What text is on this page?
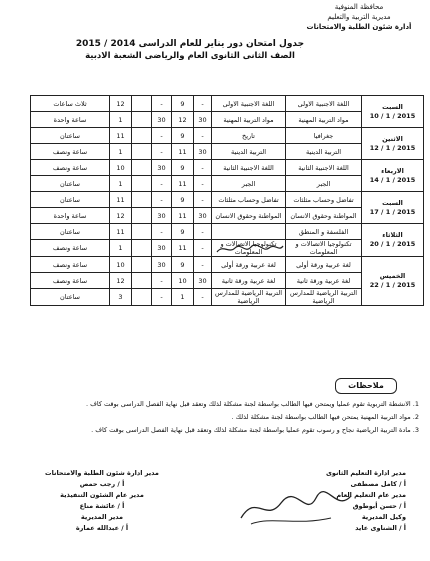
محافظة المنوفية
مديرية التربية والتعليم
أدارة شئون الطلبة والامتحانات
جدول امتحان دور يناير للعام الدراسى 2014 / 2015
الصف الثانى الثانوى العام والرياضى الشعبة الادبية
السبت
2015 / 1 / 10	اللغة الاجنبية الاولى	اللغة الاجنبية الاولى	-	9	-		12	ثلاث ساعات
	مواد التربية المهنية	مواد التربية المهنية	30	12	30		1	ساعة واحدة

الاثنين
2015 / 1 / 12	جغرافيا	تاريخ	-	9	-		11	ساعتان
	التربية الدينية	التربية الدينية	30	11	-		1	ساعة ونصف

الاربعاء
2015 / 1 / 14	اللغة الاجنبية الثانية	اللغة الاجنبية الثانية	-	9	30		10	ساعة ونصف
	الجبر	الجبر	-	11	-		1	ساعتان

السبت
2015 / 1 / 17	تفاضل وحساب مثلثات	تفاضل وحساب مثلثات	-	9	-		11	ساعتان
	المواطنة وحقوق الانسان	المواطنة وحقوق الانسان	30	11	30		12	ساعة واحدة

الثلاثاء
2015 / 1 / 20	الفلسفة و المنطق		-	9	-		11	ساعتان
	تكنولوجيا الاتصالات و المعلومات	تكنولوجيا الاتصالات و المعلومات	-	11	30		1	ساعة ونصف

الخميس
2015 / 1 / 22	لغة عربية ورقة أولى	لغة عربية ورقة أولى	-	9	30		10	ساعة ونصف
	لغة عربية ورقة ثانية	لغة عربية ورقة ثانية	30	10	-		12	ساعة ونصف
	التربية الرياضية للمدارس الرياضية	التربية الرياضية للمدارس الرياضية	-	1	-		3	ساعتان
ملاحظات
1. الانشطة التربوية تقوم عمليا ويمتحن فيها الطالب بواسطة لجنة مشكلة لذلك وتعقد قبل نهاية الفصل الدراسى بوقت كاف .
2. مواد التربية المهنية يمتحن فيها الطالب بواسطة لجنة مشكلة لذلك .
3. مادة التربية الرياضية نجاح و رسوب تقوم عمليا بواسطة لجنة مشكلة لذلك وتعقد قبل نهاية الفصل الدراسى بوقت كاف .
مدير ادارة التعليم الثانوى
أ / كامل مصطفى
مدير عام التعليم العام
أ / حسن أبوطوق
وكيل المديرية
أ / الشناوى عايد
مدير ادارة شئون الطلبة والامتحانات
أ / رجب حمص
مدير عام الشئون التنفيذية
أ / عائشة مناع
مدير المديرية
أ / عبدالله عمارة
